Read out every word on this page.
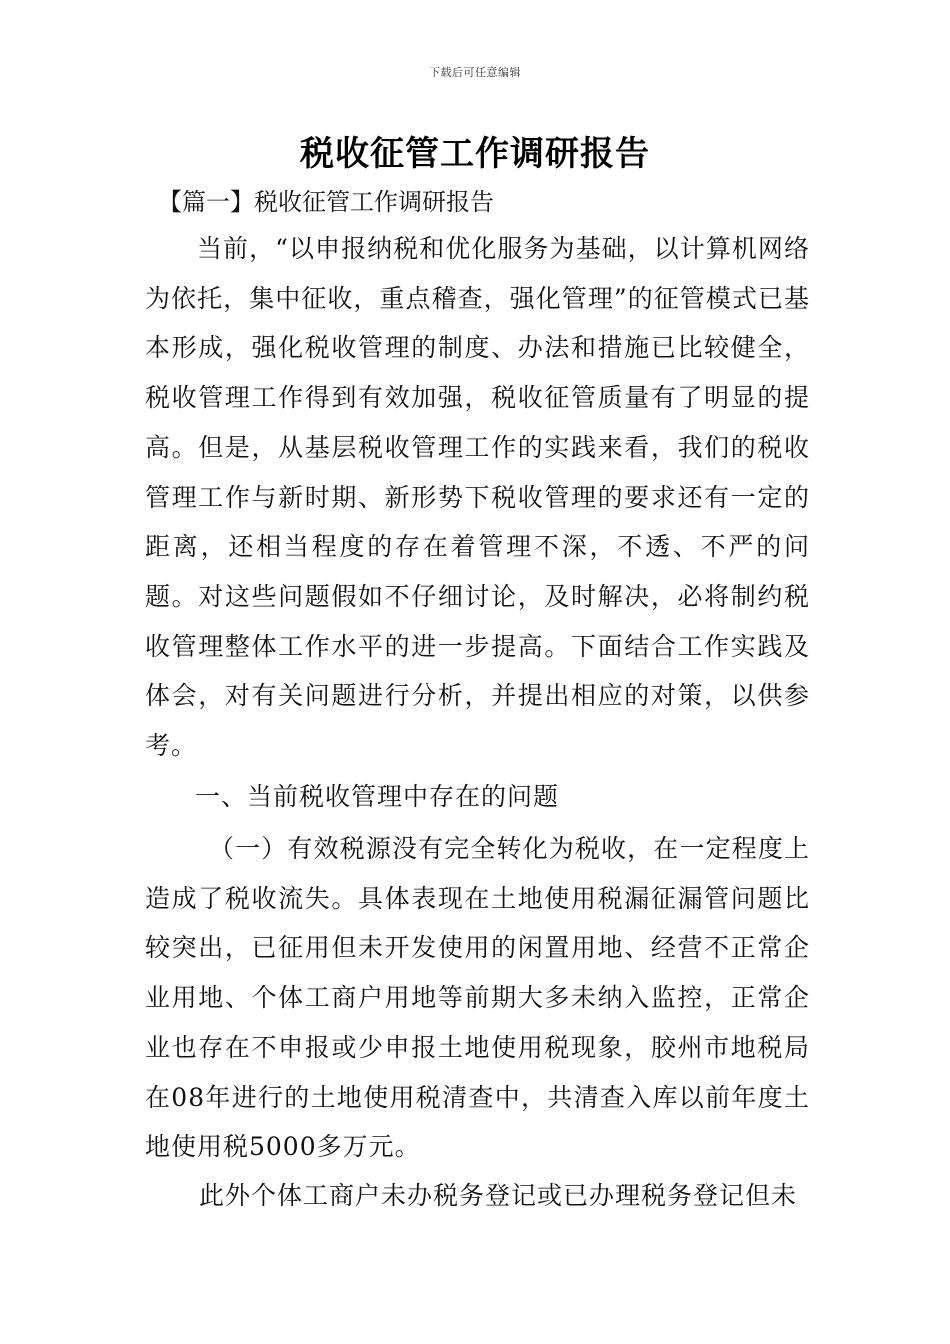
下载后可任意编辑
税收征管工作调研报告
【篇一】税收征管工作调研报告

当前，“以申报纳税和优化服务为基础，以计算机网络为依托，集中征收，重点稽查，强化管理”的征管模式已基本形成，强化税收管理的制度、办法和措施已比较健全，税收管理工作得到有效加强，税收征管质量有了明显的提高。但是，从基层税收管理工作的实践来看，我们的税收管理工作与新时期、新形势下税收管理的要求还有一定的距离，还相当程度的存在着管理不深，不透、不严的问题。对这些问题假如不仔细讨论，及时解决，必将制约税收管理整体工作水平的进一步提高。下面结合工作实践及体会，对有关问题进行分析，并提出相应的对策，以供参考。

一、当前税收管理中存在的问题

（一）有效税源没有完全转化为税收，在一定程度上造成了税收流失。具体表现在土地使用税漏征漏管问题比较突出，已征用但未开发使用的闲置用地、经营不正常企业用地、个体工商户用地等前期大多未纳入监控，正常企业也存在不申报或少申报土地使用税现象，胶州市地税局在08年进行的土地使用税清查中，共清查入库以前年度土地使用税5000多万元。

此外个体工商户未办税务登记或已办理税务登记但未
